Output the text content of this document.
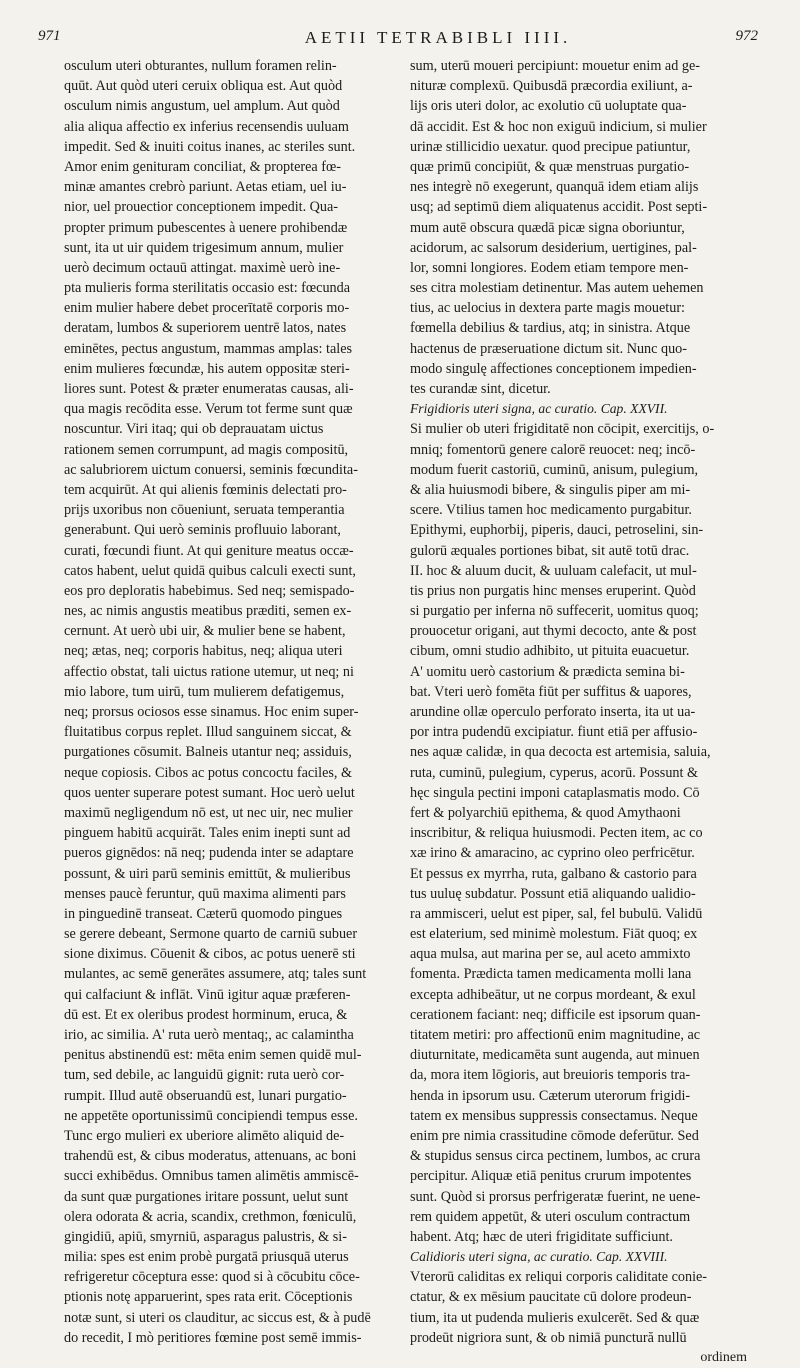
971	AETII TETRABIBLI IIII.	972
osculum uteri obturantes, nullum foramen relin-
quūt. Aut quòd uteri ceruix obliqua est. Aut quòd
osculum nimis angustum, uel amplum. Aut quòd
alia aliqua affectio ex inferius recensendis uuluam
impedit. Sed & inuiti coitus inanes, ac steriles sunt.
Amor enim genituram conciliat, & propterea fœ-
minæ amantes crebrò pariunt. Aetas etiam, uel iu-
nior, uel prouectior conceptionem impedit. Qua-
propter primum pubescentes à uenere prohibendæ
sunt, ita ut uir quidem trigesimum annum, mulier
uerò decimum octauū attingat. maximè uerò ine-
pta mulieris forma sterilitatis occasio est: fœcunda
enim mulier habere debet procerītatē corporis mo-
deratam, lumbos & superiorem uentrē latos, nates
eminētes, pectus angustum, mammas amplas: tales
enim mulieres fœcundæ, his autem oppositæ steri-
liores sunt. Potest & præter enumeratas causas, ali-
qua magis recōdita esse. Verum tot ferme sunt quæ
noscuntur. Viri itaq; qui ob deprauatam uictus
rationem semen corrumpunt, ad magis compositū,
ac salubriorem uictum conuersi, seminis fœcundita-
tem acquirūt. At qui alienis fœminis delectati pro-
prijs uxoribus non cōueniunt, seruata temperantia
generabunt. Qui uerò seminis profluuio laborant,
curati, fœcundi fiunt. At qui geniture meatus occæ-
catos habent, uelut quidā quibus calculi execti sunt,
eos pro deploratis habebimus. Sed neq; semispado-
nes, ac nimis angustis meatibus præditi, semen ex-
cernunt. At uerò ubi uir, & mulier bene se habent,
neq; ætas, neq; corporis habitus, neq; aliqua uteri
affectio obstat, tali uictus ratione utemur, ut neq; ni
mio labore, tum uirū, tum mulierem defatigemus,
neq; prorsus ociosos esse sinamus. Hoc enim super-
fluitatibus corpus replet. Illud sanguinem siccat, &
purgationes cōsumit. Balneis utantur neq; assiduis,
neque copiosis. Cibos ac potus concoctu faciles, &
quos uenter superare potest sumant. Hoc uerò uelut
maximū negligendum nō est, ut nec uir, nec mulier
pinguem habitū acquirāt. Tales enim inepti sunt ad
pueros gignēdos: nā neq; pudenda inter se adaptare
possunt, & uiri parū seminis emittūt, & mulieribus
menses paucè feruntur, quū maxima alimenti pars
in pinguedinē transeat. Cæterū quomodo pingues
se gerere debeant, Sermone quarto de carniū subuer
sione diximus. Cōuenit & cibos, ac potus uenerē sti
mulantes, ac semē generātes assumere, atq; tales sunt
qui calfaciunt & inflāt. Vinū igitur aquæ præferen-
dū est. Et ex oleribus prodest horminum, eruca, &
irio, ac similia. A' ruta uerò mentaq;, ac calamintha
penitus abstinendū est: mēta enim semen quidē mul-
tum, sed debile, ac languidū gignit: ruta uerò cor-
rumpit. Illud autē obseruandū est, lunari purgatio-
ne appetēte oportunissimū concipiendi tempus esse.
Tunc ergo mulieri ex uberiore alimēto aliquid de-
trahendū est, & cibus moderatus, attenuans, ac boni
succi exhibēdus. Omnibus tamen alimētis ammiscē-
da sunt quæ purgationes iritare possunt, uelut sunt
olera odorata & acria, scandix, crethmon, fœniculū,
gingidiū, apiū, smyrniū, asparagus palustris, & si-
milia: spes est enim probè purgatā priusquā uterus
refrigeretur cōceptura esse: quod si à cōcubitu cōce-
ptionis notę apparuerint, spes rata erit. Cōceptionis
notæ sunt, si uteri os clauditur, ac siccus est, & à pudē
do recedit, I mò peritiores fœmine post semē immis-
sum, uterū moueri percipiunt: mouetur enim ad ge-
nituræ complexū. Quibusdā præcordia exiliunt, a-
lijs oris uteri dolor, ac exolutio cū uoluptate qua-
dā accidit. Est & hoc non exiguū indicium, si mulier
urinæ stillicidio uexatur. quod precipue patiuntur,
quæ primū concipiūt, & quæ menstruas purgatio-
nes integrè nō exegerunt, quanquā idem etiam alijs
usq; ad septimū diem aliquatenus accidit. Post septi-
mum autē obscura quædā picæ signa oboriuntur,
acidorum, ac salsorum desiderium, uertigines, pal-
lor, somni longiores. Eodem etiam tempore men-
ses citra molestiam detinentur. Mas autem uehemen
tius, ac uelocius in dextera parte magis mouetur:
fœmella debilius & tardius, atq; in sinistra. Atque
hactenus de præseruatione dictum sit. Nunc quo-
modo singulę affectiones conceptionem impedien-
tes curandæ sint, dicetur.
Frigidioris uteri signa, ac curatio. Cap. XXVII.
Si mulier ob uteri frigiditatē non cōcipit, exercitijs, o-
mniq; fomentorū genere calorē reuocet: neq; incō-
modum fuerit castoriū, cuminū, anisum, pulegium,
& alia huiusmodi bibere, & singulis piper am mi-
scere. Vtilius tamen hoc medicamento purgabitur.
Epithymi, euphorbij, piperis, dauci, petroselini, sin-
gulorū æquales portiones bibat, sit autē totū drac.
II. hoc & aluum ducit, & uuluam calefacit, ut mul-
tis prius non purgatis hinc menses eruperint. Quòd
si purgatio per inferna nō suffecerit, uomitus quoq;
prouocetur origani, aut thymi decocto, ante & post
cibum, omni studio adhibito, ut pituita euacuetur.
A' uomitu uerò castorium & prædicta semina bi-
bat. Vteri uerò fomēta fiūt per suffitus & uapores,
arundine ollæ operculo perforato inserta, ita ut ua-
por intra pudendū excipiatur. fiunt etiā per affusio-
nes aquæ calidæ, in qua decocta est artemisia, saluia,
ruta, cuminū, pulegium, cyperus, acorū. Possunt &
hęc singula pectini imponi cataplasmatis modo. Cō
fert & polyarchiū epithema, & quod Amythaoni
inscribitur, & reliqua huiusmodi. Pecten item, ac co
xæ irino & amaracino, ac cyprino oleo perfricētur.
Et pessus ex myrrha, ruta, galbano & castorio para
tus uuluę subdatur. Possunt etiā aliquando ualidio-
ra ammisceri, uelut est piper, sal, fel bubulū. Validū
est elaterium, sed minimè molestum. Fiāt quoq; ex
aqua mulsa, aut marina per se, aul aceto ammixto
fomenta. Prædicta tamen medicamenta molli lana
excepta adhibeātur, ut ne corpus mordeant, & exul
cerationem faciant: neq; difficile est ipsorum quan-
titatem metiri: pro affectionū enim magnitudine, ac
diuturnitate, medicamēta sunt augenda, aut minuen
da, mora item lōgioris, aut breuioris temporis tra-
henda in ipsorum usu. Cæterum uterorum frigidi-
tatem ex mensibus suppressis consectamus. Neque
enim pre nimia crassitudine cōmode deferūtur. Sed
& stupidus sensus circa pectinem, lumbos, ac crura
percipitur. Aliquæ etiā penitus crurum impotentes
sunt. Quòd si prorsus perfrigeratæ fuerint, ne uene-
rem quidem appetūt, & uteri osculum contractum
habent. Atq; hæc de uteri frigiditate sufficiunt.
Calidioris uteri signa, ac curatio. Cap. XXVIII.
Vterorū caliditas ex reliqui corporis caliditate conie-
ctatur, & ex mēsium paucitate cū dolore prodeun-
tium, ita ut pudenda mulieris exulcerēt. Sed & quæ
prodeūt nigriora sunt, & ob nimiā punctură nullū
ordinem
